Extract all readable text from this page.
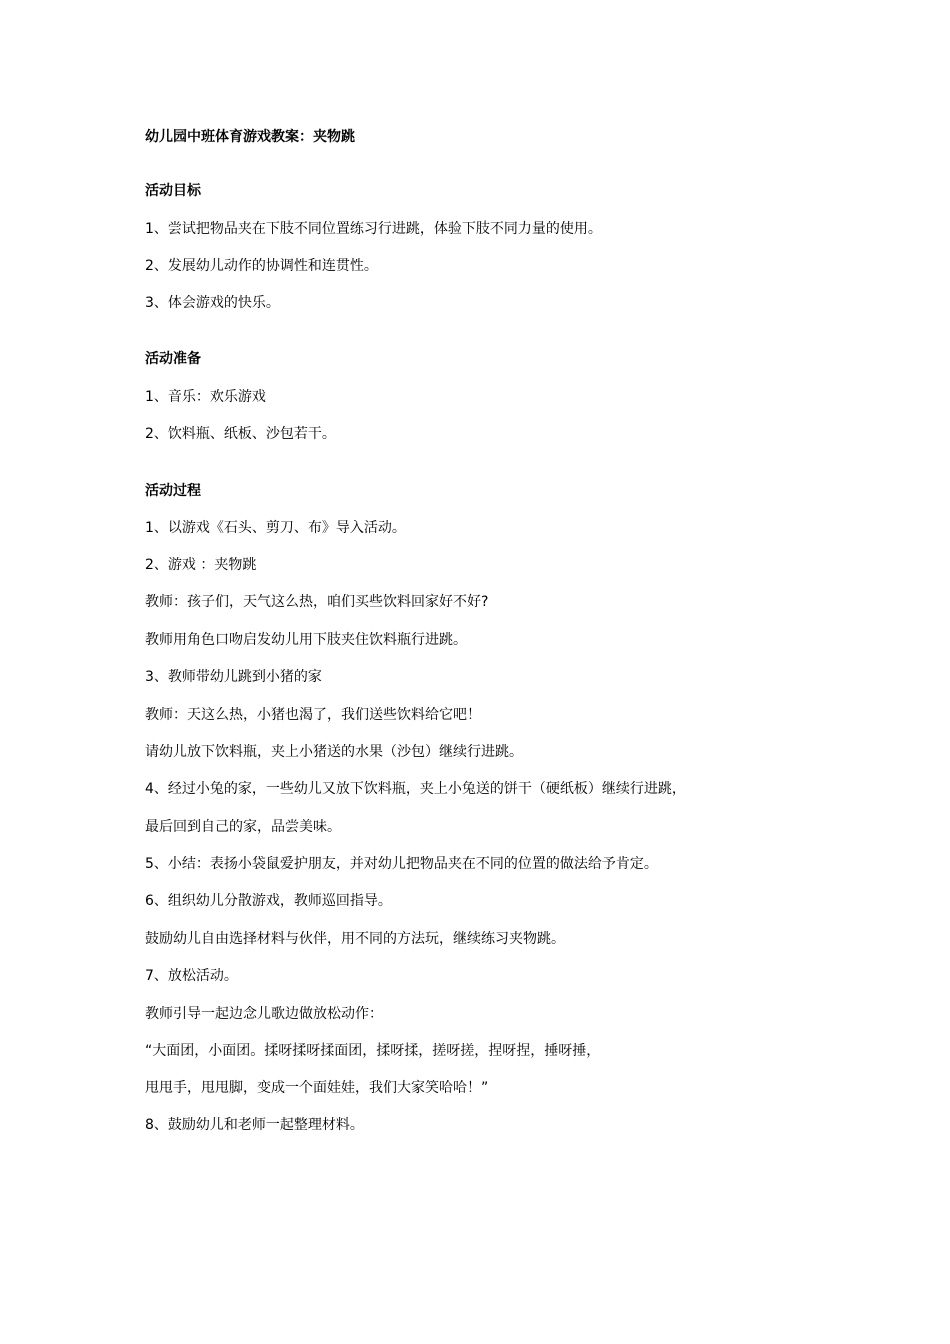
幼儿园中班体育游戏教案：夹物跳
活动目标
1、尝试把物品夹在下肢不同位置练习行进跳，体验下肢不同力量的使用。
2、发展幼儿动作的协调性和连贯性。
3、体会游戏的快乐。
活动准备
1、音乐：欢乐游戏
2、饮料瓶、纸板、沙包若干。
活动过程
1、以游戏《石头、剪刀、布》导入活动。
2、游戏 ：夹物跳
教师：孩子们，天气这么热，咱们买些饮料回家好不好?
教师用角色口吻启发幼儿用下肢夹住饮料瓶行进跳。
3、教师带幼儿跳到小猪的家
教师：天这么热，小猪也渴了，我们送些饮料给它吧！
请幼儿放下饮料瓶，夹上小猪送的水果（沙包）继续行进跳。
4、经过小兔的家，一些幼儿又放下饮料瓶，夹上小兔送的饼干（硬纸板）继续行进跳，
最后回到自己的家，品尝美味。
5、小结：表扬小袋鼠爱护朋友，并对幼儿把物品夹在不同的位置的做法给予肯定。
6、组织幼儿分散游戏，教师巡回指导。
鼓励幼儿自由选择材料与伙伴，用不同的方法玩，继续练习夹物跳。
7、放松活动。
教师引导一起边念儿歌边做放松动作：
“大面团，小面团。揉呀揉呀揉面团，揉呀揉，搓呀搓，捏呀捏，捶呀捶，
甩甩手，甩甩脚，变成一个面娃娃，我们大家笑哈哈！”
8、鼓励幼儿和老师一起整理材料。
